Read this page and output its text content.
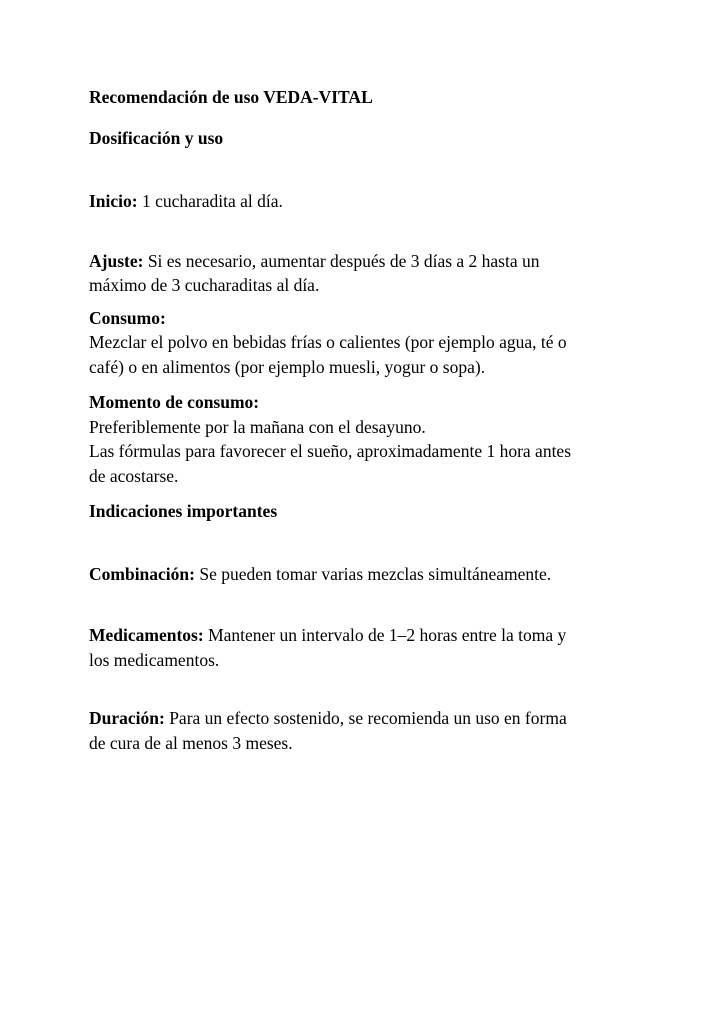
Recomendación de uso VEDA-VITAL

Dosificación y uso

Inicio: 1 cucharadita al día.

Ajuste: Si es necesario, aumentar después de 3 días a 2 hasta un
máximo de 3 cucharaditas al día.

Consumo:
Mezclar el polvo en bebidas frías o calientes (por ejemplo agua, té o
café) o en alimentos (por ejemplo muesli, yogur o sopa).

Momento de consumo:
Preferiblemente por la mañana con el desayuno.
Las fórmulas para favorecer el sueño, aproximadamente 1 hora antes
de acostarse.

Indicaciones importantes

Combinación: Se pueden tomar varias mezclas simultáneamente.

Medicamentos: Mantener un intervalo de 1–2 horas entre la toma y
los medicamentos.

Duración: Para un efecto sostenido, se recomienda un uso en forma
de cura de al menos 3 meses.
